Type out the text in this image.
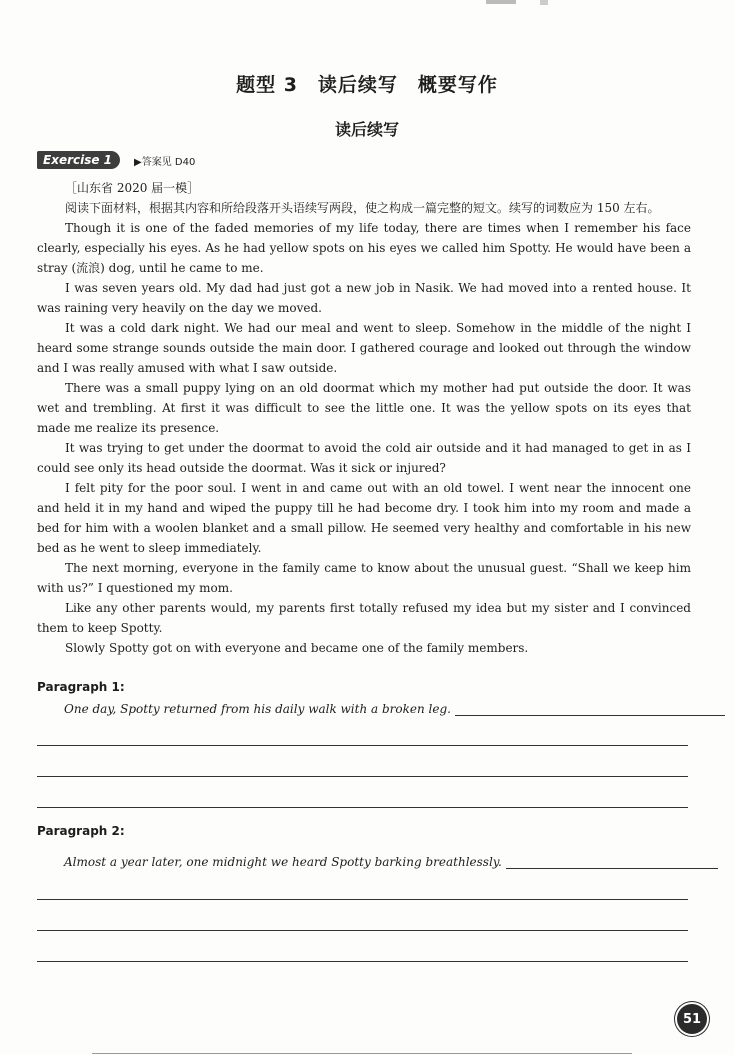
题型 3　读后续写　概要写作
读后续写
Exercise 1	▶答案见 D40

［山东省 2020 届一模］

阅读下面材料，根据其内容和所给段落开头语续写两段，使之构成一篇完整的短文。续写的词数应为 150 左右。

Though it is one of the faded memories of my life today, there are times when I remember his face clearly, especially his eyes. As he had yellow spots on his eyes we called him Spotty. He would have been a stray (流浪) dog, until he came to me.

I was seven years old. My dad had just got a new job in Nasik. We had moved into a rented house. It was raining very heavily on the day we moved.

It was a cold dark night. We had our meal and went to sleep. Somehow in the middle of the night I heard some strange sounds outside the main door. I gathered courage and looked out through the window and I was really amused with what I saw outside.

There was a small puppy lying on an old doormat which my mother had put outside the door. It was wet and trembling. At first it was difficult to see the little one. It was the yellow spots on its eyes that made me realize its presence.

It was trying to get under the doormat to avoid the cold air outside and it had managed to get in as I could see only its head outside the doormat. Was it sick or injured?

I felt pity for the poor soul. I went in and came out with an old towel. I went near the innocent one and held it in my hand and wiped the puppy till he had become dry. I took him into my room and made a bed for him with a woolen blanket and a small pillow. He seemed very healthy and comfortable in his new bed as he went to sleep immediately.

The next morning, everyone in the family came to know about the unusual guest. “Shall we keep him with us?” I questioned my mom.

Like any other parents would, my parents first totally refused my idea but my sister and I convinced them to keep Spotty.

Slowly Spotty got on with everyone and became one of the family members.

Paragraph 1:
One day, Spotty returned from his daily walk with a broken leg.
Paragraph 2:
Almost a year later, one midnight we heard Spotty barking breathlessly.
51
